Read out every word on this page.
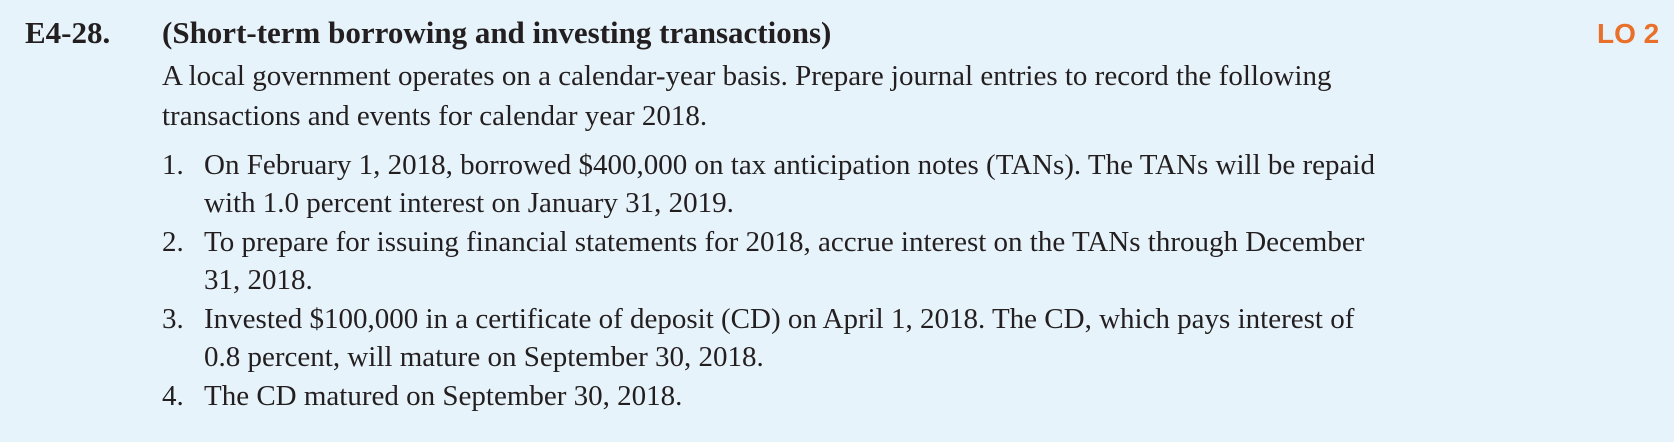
E4-28. (Short-term borrowing and investing transactions)	LO 2

A local government operates on a calendar-year basis. Prepare journal entries to record the following
transactions and events for calendar year 2018.

1. On February 1, 2018, borrowed $400,000 on tax anticipation notes (TANs). The TANs will be repaid
with 1.0 percent interest on January 31, 2019.
2. To prepare for issuing financial statements for 2018, accrue interest on the TANs through December
31, 2018.
3. Invested $100,000 in a certificate of deposit (CD) on April 1, 2018. The CD, which pays interest of
0.8 percent, will mature on September 30, 2018.
4. The CD matured on September 30, 2018.
